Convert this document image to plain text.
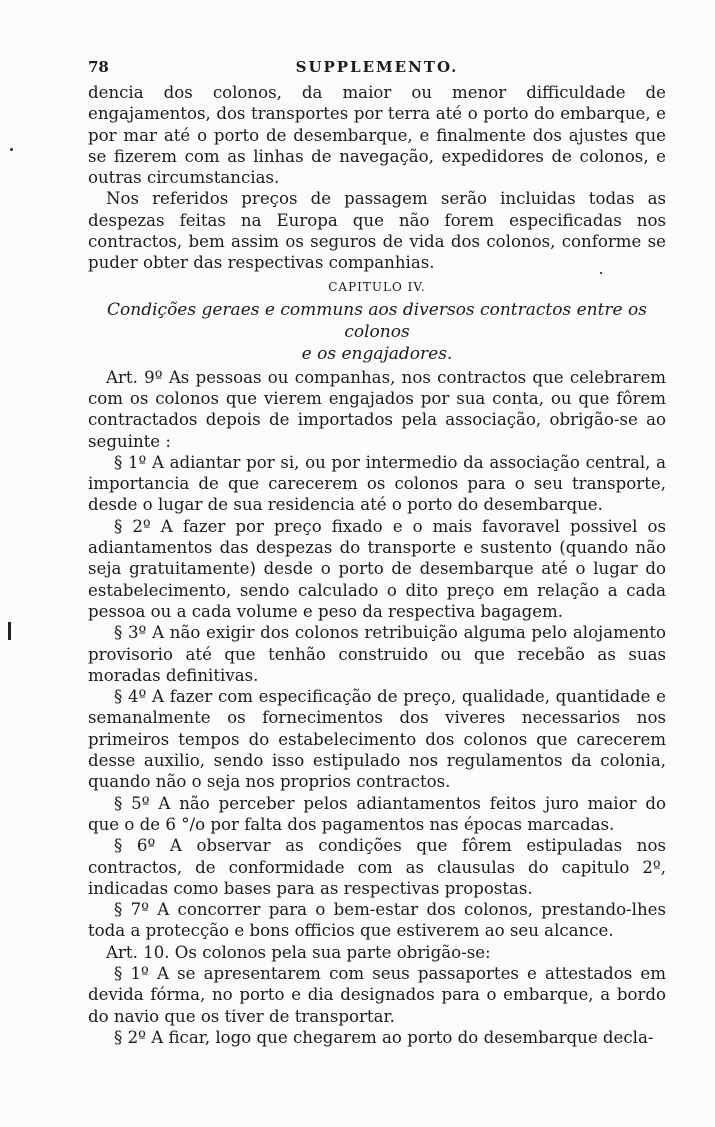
78	SUPPLEMENTO.

dencia dos colonos, da maior ou menor difficuldade de engajamentos, dos transportes por terra até o porto do embarque, e por mar até o porto de desembarque, e finalmente dos ajustes que se fizerem com as linhas de navegação, expedidores de colonos, e outras circumstancias.

Nos referidos preços de passagem serão incluidas todas as despezas feitas na Europa que não forem especificadas nos contractos, bem assim os seguros de vida dos colonos, conforme se puder obter das respectivas companhias.

CAPITULO IV.
Condições geraes e communs aos diversos contractos entre os colonos
e os engajadores.

Art. 9º As pessoas ou companhas, nos contractos que celebrarem com os colonos que vierem engajados por sua conta, ou que fôrem contractados depois de importados pela associação, obrigão-se ao seguinte :

§ 1º A adiantar por si, ou por intermedio da associação central, a importancia de que carecerem os colonos para o seu transporte, desde o lugar de sua residencia até o porto do desembarque.

§ 2º A fazer por preço fixado e o mais favoravel possivel os adiantamentos das despezas do transporte e sustento (quando não seja gratuitamente) desde o porto de desembarque até o lugar do estabelecimento, sendo calculado o dito preço em relação a cada pessoa ou a cada volume e peso da respectiva bagagem.

§ 3º A não exigir dos colonos retribuição alguma pelo alojamento provisorio até que tenhão construido ou que recebão as suas moradas definitivas.

§ 4º A fazer com especificação de preço, qualidade, quantidade e semanalmente os fornecimentos dos viveres necessarios nos primeiros tempos do estabelecimento dos colonos que carecerem desse auxilio, sendo isso estipulado nos regulamentos da colonia, quando não o seja nos proprios contractos.

§ 5º A não perceber pelos adiantamentos feitos juro maior do que o de 6 °/o por falta dos pagamentos nas épocas marcadas.

§ 6º A observar as condições que fôrem estipuladas nos contractos, de conformidade com as clausulas do capitulo 2º, indicadas como bases para as respectivas propostas.

§ 7º A concorrer para o bem-estar dos colonos, prestando-lhes toda a protecção e bons officios que estiverem ao seu alcance.

Art. 10. Os colonos pela sua parte obrigão-se:

§ 1º A se apresentarem com seus passaportes e attestados em devida fórma, no porto e dia designados para o embarque, a bordo do navio que os tiver de transportar.

§ 2º A ficar, logo que chegarem ao porto do desembarque decla-
